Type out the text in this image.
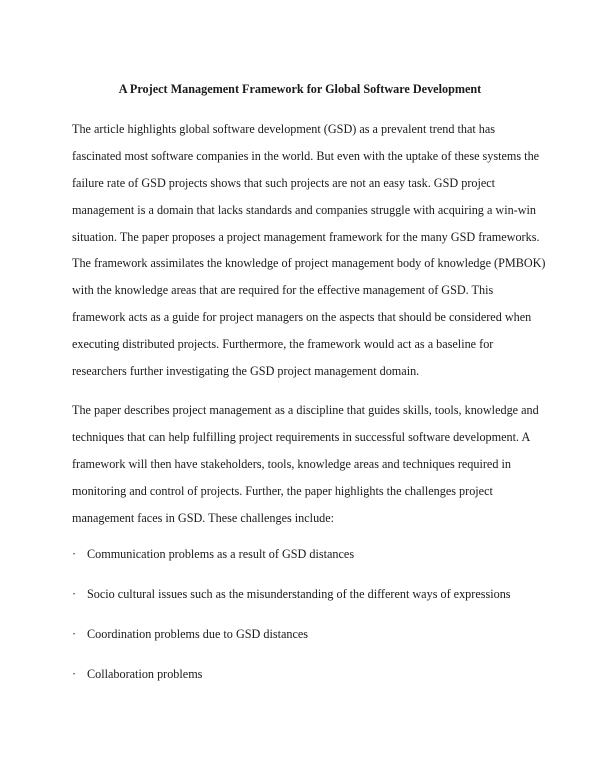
A Project Management Framework for Global Software Development

The article highlights global software development (GSD) as a prevalent trend that has
fascinated most software companies in the world. But even with the uptake of these systems the
failure rate of GSD projects shows that such projects are not an easy task. GSD project
management is a domain that lacks standards and companies struggle with acquiring a win-win
situation. The paper proposes a project management framework for the many GSD frameworks.
The framework assimilates the knowledge of project management body of knowledge (PMBOK)
with the knowledge areas that are required for the effective management of GSD. This
framework acts as a guide for project managers on the aspects that should be considered when
executing distributed projects. Furthermore, the framework would act as a baseline for
researchers further investigating the GSD project management domain.

The paper describes project management as a discipline that guides skills, tools, knowledge and
techniques that can help fulfilling project requirements in successful software development. A
framework will then have stakeholders, tools, knowledge areas and techniques required in
monitoring and control of projects. Further, the paper highlights the challenges project
management faces in GSD. These challenges include:

· Communication problems as a result of GSD distances
· Socio cultural issues such as the misunderstanding of the different ways of expressions
· Coordination problems due to GSD distances
· Collaboration problems
